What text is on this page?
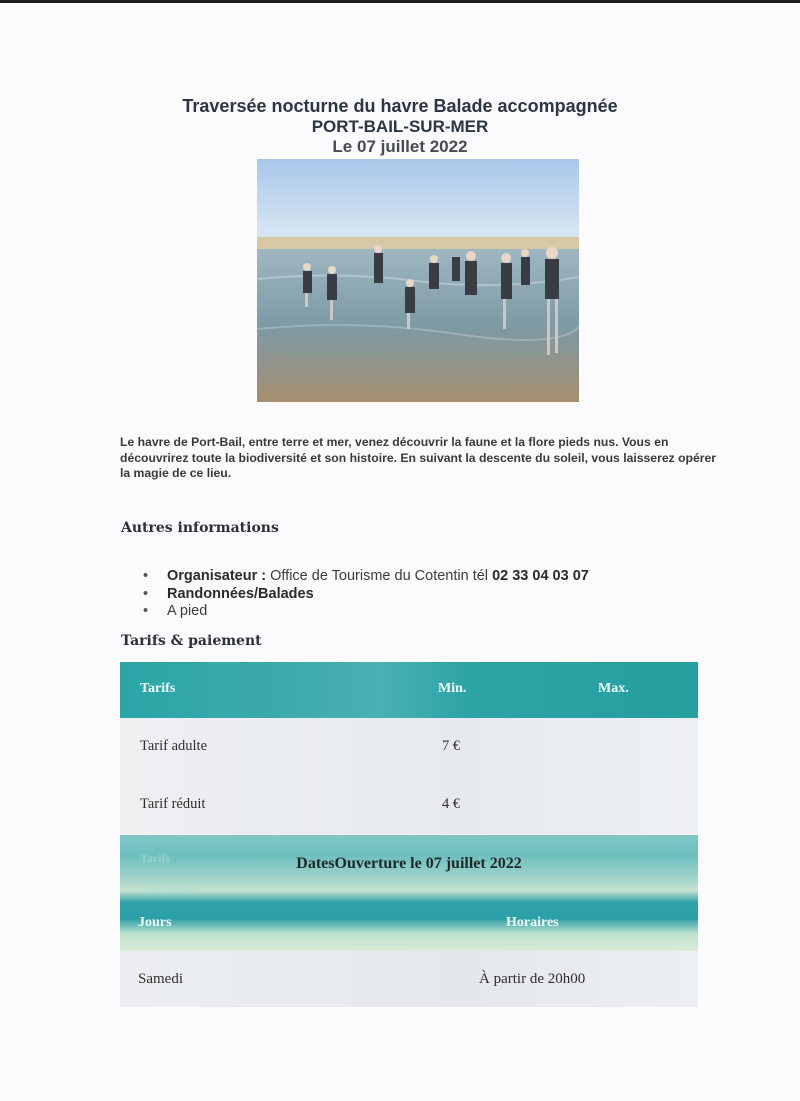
Traversée nocturne du havre Balade accompagnée
PORT-BAIL-SUR-MER
Le 07 juillet 2022
Le havre de Port-Bail, entre terre et mer, venez découvrir la faune et la flore pieds nus. Vous en découvrirez toute la biodiversité et son histoire. En suivant la descente du soleil, vous laisserez opérer la magie de ce lieu.
Autres informations
• Organisateur : Office de Tourisme du Cotentin tél 02 33 04 03 07
• Randonnées/Balades
• A pied
Tarifs & paiement
Tarifs	Min.	Max.
Tarif adulte	7 €
Tarif réduit	4 €
Tarifs
Tarif réduit
DatesOuverture le 07 juillet 2022
Jours	Horaires
Samedi	À partir de 20h00
